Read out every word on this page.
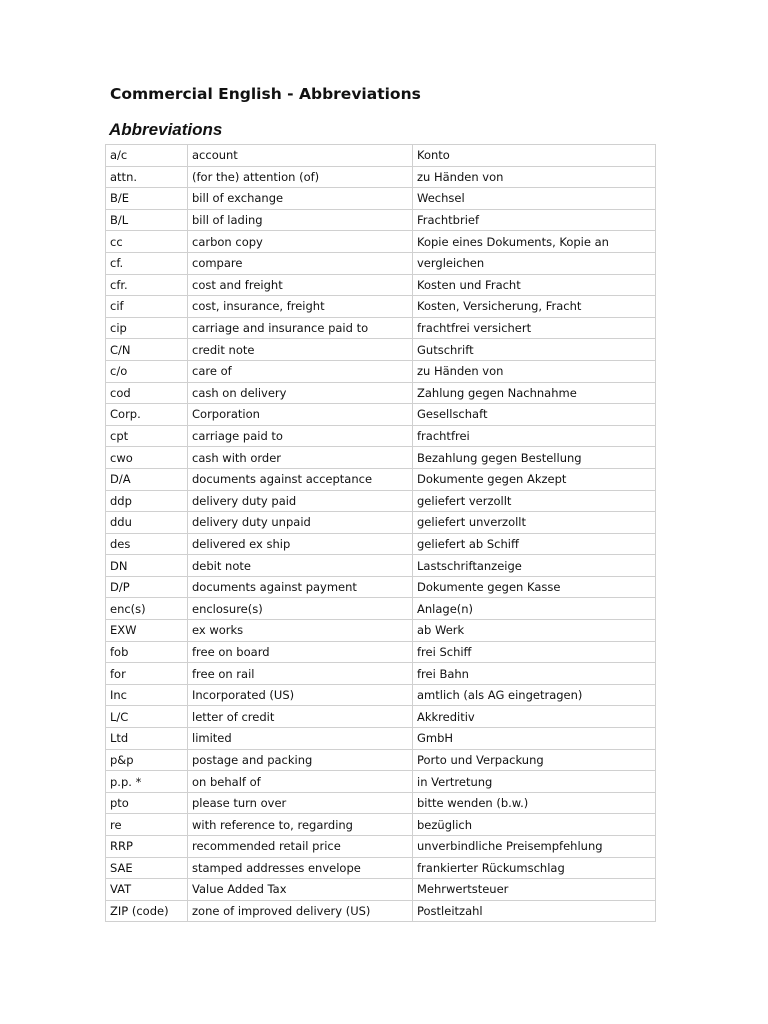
Commercial English - Abbreviations
Abbreviations
a/c	account	Konto
attn.	(for the) attention (of)	zu Händen von
B/E	bill of exchange	Wechsel
B/L	bill of lading	Frachtbrief
cc	carbon copy	Kopie eines Dokuments, Kopie an
cf.	compare	vergleichen
cfr.	cost and freight	Kosten und Fracht
cif	cost, insurance, freight	Kosten, Versicherung, Fracht
cip	carriage and insurance paid to	frachtfrei versichert
C/N	credit note	Gutschrift
c/o	care of	zu Händen von
cod	cash on delivery	Zahlung gegen Nachnahme
Corp.	Corporation	Gesellschaft
cpt	carriage paid to	frachtfrei
cwo	cash with order	Bezahlung gegen Bestellung
D/A	documents against acceptance	Dokumente gegen Akzept
ddp	delivery duty paid	geliefert verzollt
ddu	delivery duty unpaid	geliefert unverzollt
des	delivered ex ship	geliefert ab Schiff
DN	debit note	Lastschriftanzeige
D/P	documents against payment	Dokumente gegen Kasse
enc(s)	enclosure(s)	Anlage(n)
EXW	ex works	ab Werk
fob	free on board	frei Schiff
for	free on rail	frei Bahn
Inc	Incorporated (US)	amtlich (als AG eingetragen)
L/C	letter of credit	Akkreditiv
Ltd	limited	GmbH
p&p	postage and packing	Porto und Verpackung
p.p. *	on behalf of	in Vertretung
pto	please turn over	bitte wenden (b.w.)
re	with reference to, regarding	bezüglich
RRP	recommended retail price	unverbindliche Preisempfehlung
SAE	stamped addresses envelope	frankierter Rückumschlag
VAT	Value Added Tax	Mehrwertsteuer
ZIP (code)	zone of improved delivery (US)	Postleitzahl
